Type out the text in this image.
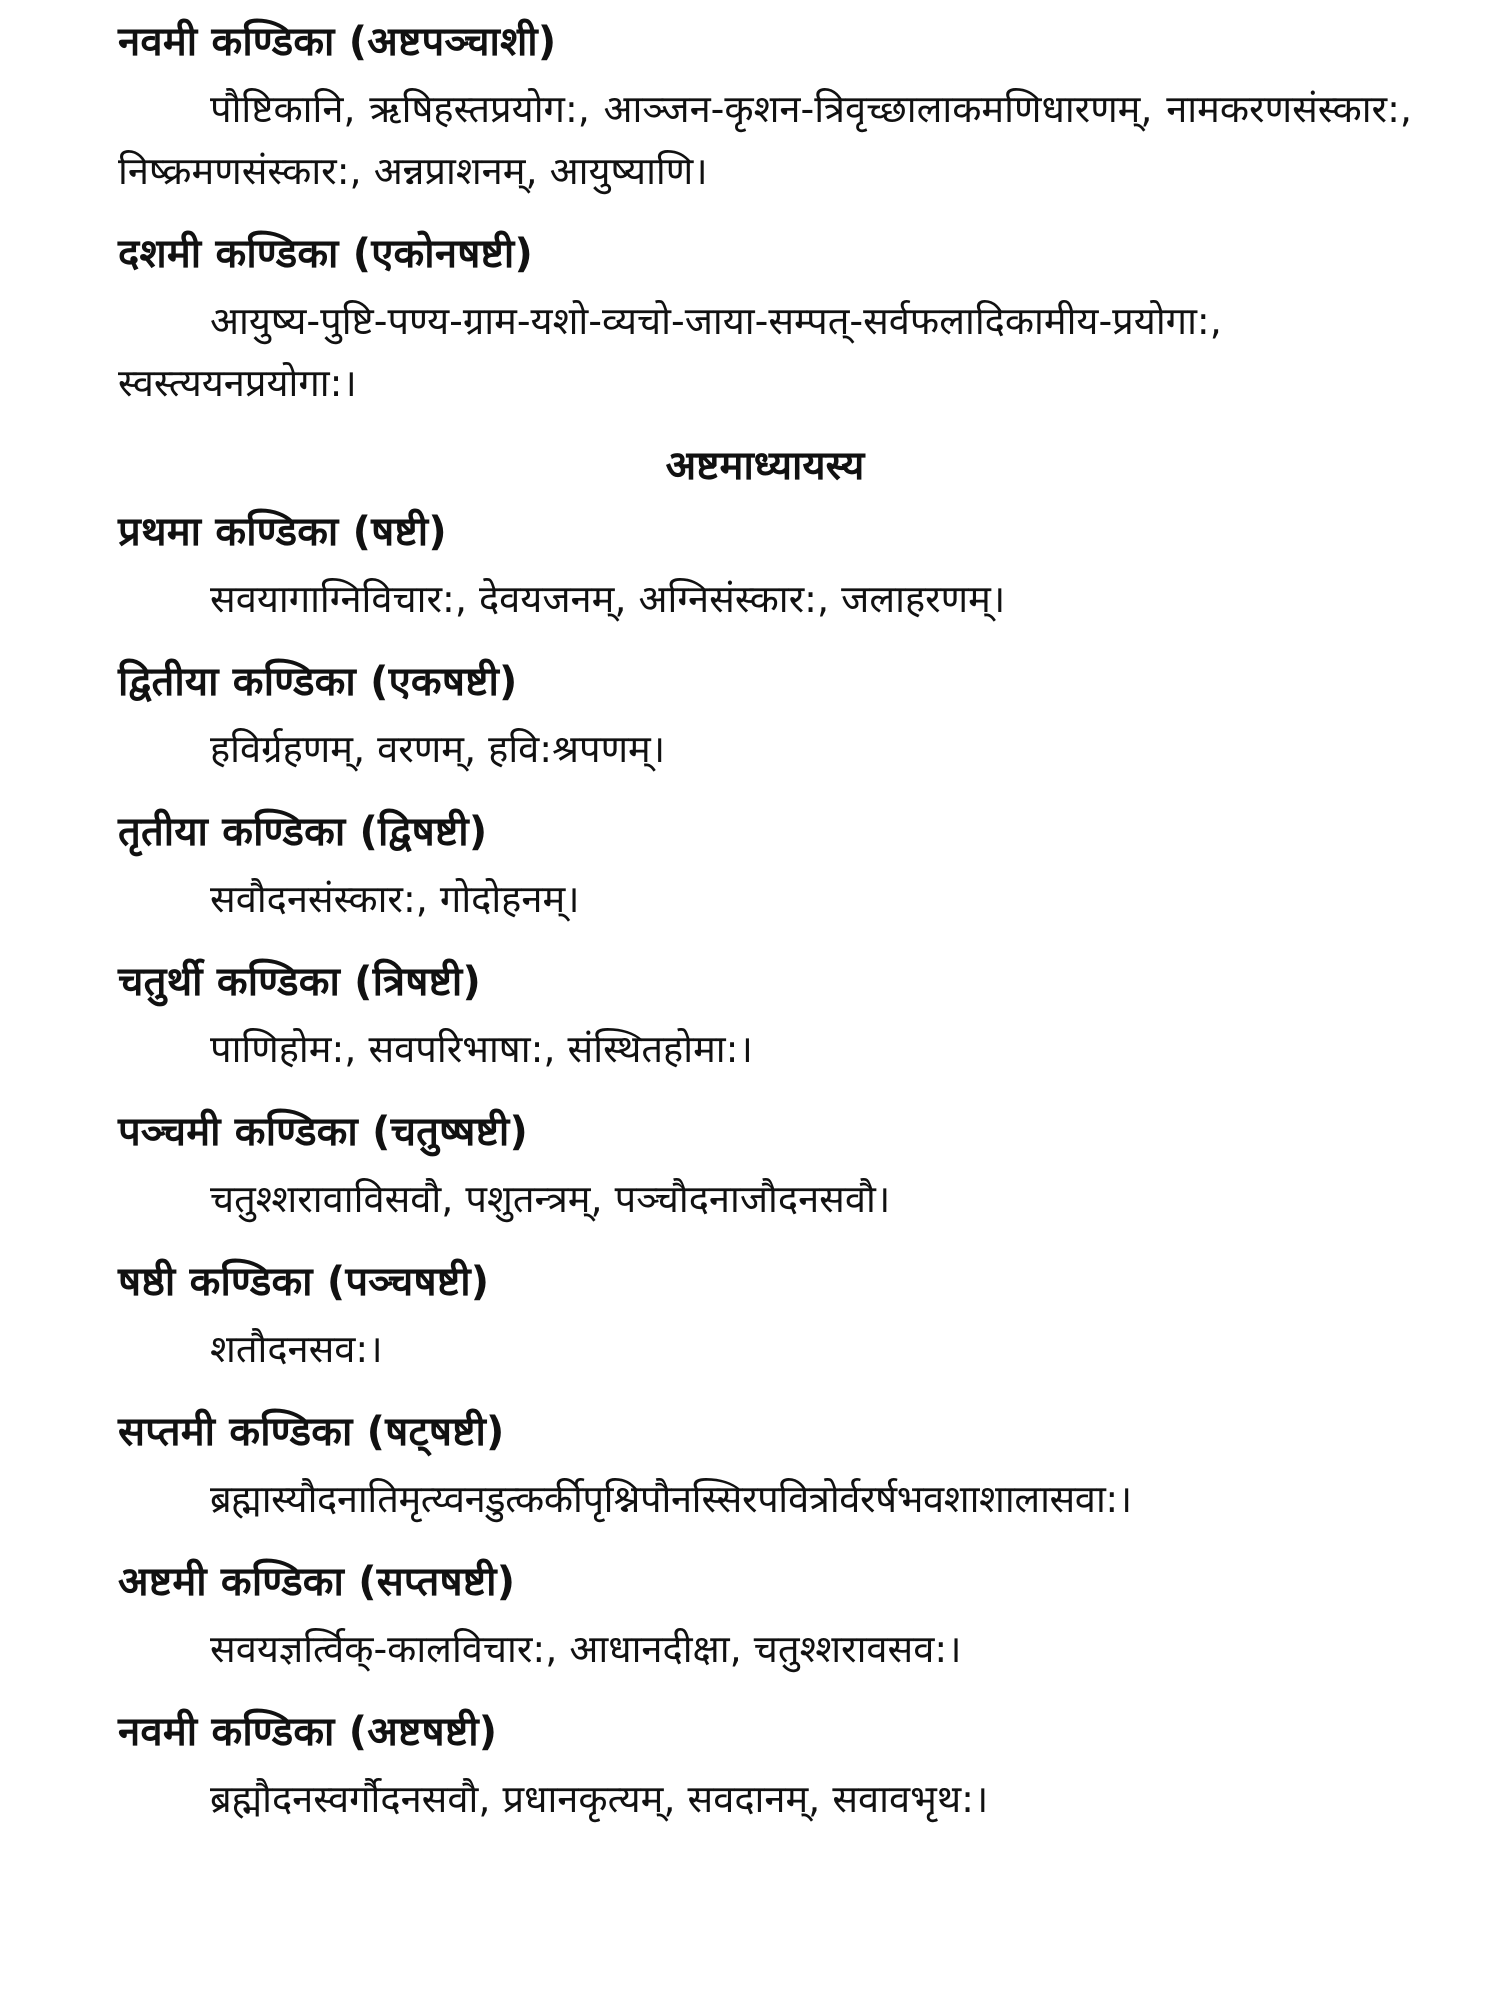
नवमी कण्डिका (अष्टपञ्चाशी)

पौष्टिकानि, ऋषिहस्तप्रयोग:, आञ्जन-कृशन-त्रिवृच्छालाकमणिधारणम्, नामकरणसंस्कार:, निष्क्रमणसंस्कार:, अन्नप्राशनम्, आयुष्याणि।

दशमी कण्डिका (एकोनषष्टी)

आयुष्य-पुष्टि-पण्य-ग्राम-यशो-व्यचो-जाया-सम्पत्-सर्वफलादिकामीय-प्रयोगा:, स्वस्त्ययनप्रयोगा:।

अष्टमाध्यायस्य

प्रथमा कण्डिका (षष्टी)

सवयागाग्निविचार:, देवयजनम्, अग्निसंस्कार:, जलाहरणम्।

द्वितीया कण्डिका (एकषष्टी)

हविर्ग्रहणम्, वरणम्, हवि:श्रपणम्।

तृतीया कण्डिका (द्विषष्टी)

सवौदनसंस्कार:, गोदोहनम्।

चतुर्थी कण्डिका (त्रिषष्टी)

पाणिहोम:, सवपरिभाषा:, संस्थितहोमा:।

पञ्चमी कण्डिका (चतुष्षष्टी)

चतुश्शरावाविसवौ, पशुतन्त्रम्, पञ्चौदनाजौदनसवौ।

षष्ठी कण्डिका (पञ्चषष्टी)

शतौदनसव:।

सप्तमी कण्डिका (षट्षष्टी)

ब्रह्मास्यौदनातिमृत्य्वनडुत्कर्कीपृश्निपौनस्सिरपवित्रोर्वरर्षभवशाशालासवा:।

अष्टमी कण्डिका (सप्तषष्टी)

सवयज्ञर्त्विक्-कालविचार:, आधानदीक्षा, चतुश्शरावसव:।

नवमी कण्डिका (अष्टषष्टी)

ब्रह्मौदनस्वर्गौदनसवौ, प्रधानकृत्यम्, सवदानम्, सवावभृथ:।
